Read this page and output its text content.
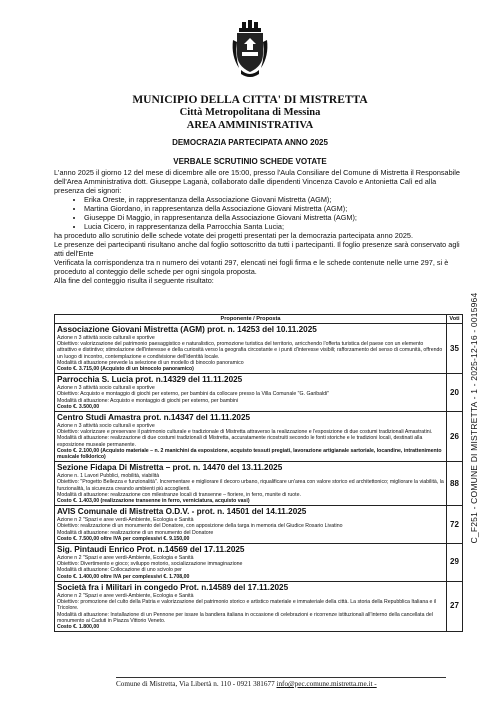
MUNICIPIO DELLA CITTA' DI MISTRETTA
Città Metropolitana di Messina
AREA AMMINISTRATIVA
DEMOCRAZIA PARTECIPATA ANNO 2025
VERBALE SCRUTINIO SCHEDE VOTATE

L'anno 2025 il giorno 12 del mese di dicembre alle ore 15:00, presso l'Aula Consiliare del Comune di Mistretta il Responsabile dell'Area Amministrativa dott. Giuseppe Laganà, collaborato dalle dipendenti Vincenza Cavolo e Antonietta Calì ed alla presenza dei signori:

• Erika Oreste, in rappresentanza della Associazione Giovani Mistretta (AGM);
• Martina Giordano, in rappresentanza della Associazione Giovani Mistretta (AGM);
• Giuseppe Di Maggio, in rappresentanza della Associazione Giovani Mistretta (AGM);
• Lucia Cicero, in rappresentanza della Parrocchia Santa Lucia;

ha proceduto allo scrutinio delle schede votate dei progetti presentati per la democrazia partecipata anno 2025.

Le presenze dei partecipanti risultano anche dal foglio sottoscritto da tutti i partecipanti. Il foglio presenze sarà conservato agli atti dell'Ente

Verificata la corrispondenza tra n numero dei votanti 297, elencati nei fogli firma e le schede contenute nelle urne 297, si è proceduto al conteggio delle schede per ogni singola proposta.

Alla fine del conteggio risulta il seguente risultato:

Proponente / Proposta	Voti

Associazione Giovani Mistretta (AGM) prot. n. 14253 del 10.11.2025
Azione n 3 attività socio culturali e sportive
Obiettivo: valorizzazione del patrimonio paesaggistico e naturalistico, promozione turistica del territorio, arricchendo l'offerta turistica del paese con un elemento attrattivo e distintivo; stimolazione dell'interesse e della curiosità verso la geografia circostante e i punti d'interesse visibili; rafforzamento del senso di comunità, offrendo un luogo di incontro, contemplazione e condivisione dell'identità locale.
Modalità di attuazione prevede la selezione di un modello di binocolo panoramico
Costo €. 3.715,00 (Acquisto di un binocolo panoramico)	35

Parrocchia S. Lucia prot. n.14329 del 11.11.2025
Azione n 3 attività socio culturali e sportive
Obiettivo: Acquisto e montaggio di giochi per esterno, per bambini da collocare presso la Villa Comunale "G. Garibaldi"
Modalità di attuazione: Acquisto e montaggio di giochi per esterno, per bambini
Costo €. 3.500,00	20

Centro Studi Amastra prot. n.14347 del 11.11.2025
Azione n 3 attività socio culturali e sportive
Obiettivo: valorizzare e preservare il patrimonio culturale e tradizionale di Mistretta attraverso la realizzazione e l'esposizione di due costumi tradizionali Amastratini.
Modalità di attuazione: realizzazione di due costumi tradizionali di Mistretta, accuratamente ricostruiti secondo le fonti storiche e le tradizioni locali, destinati alla esposizione museale permanente.
Costo €. 2.100,00 (Acquisto materiale – n. 2 manichini da esposizione, acquisto tessuti pregiati, lavorazione artigianale sartoriale, locandine, intrattenimento musicale folklorico)	26

Sezione Fidapa Di Mistretta – prot. n. 14470 del 13.11.2025
Azione n. 1 Lavori Pubblici, mobilità, viabilità
Obiettivo: "Progetto Bellezza e funzionalità". Incrementare e migliorare il decoro urbano, riqualificare un'area con valore storico ed architettonico; migliorare la viabilità, la funzionalità, la sicurezza creando ambienti più accoglienti.
Modalità di attuazione: realizzazione con milestranze locali di transenne – fioriere, in ferro, munite di ruote.
Costo €. 1.403,00 (realizzazione transenne in ferro, verniciatura, acquisto vasi)	88

AVIS Comunale di Mistretta O.D.V. - prot. n. 14501 del 14.11.2025
Azione n 2 "Spazi e aree verdi-Ambiente, Ecologia e Sanità
Obiettivo: realizzazione di un monumento del Donatore, con apposizione della targa in memoria del Giudice Rosario Livatino
Modalità di attuazione: realizzazione di un monumento del Donatore
Costo €. 7.500,00 oltre IVA per complessivi €. 9.150,00	72

Sig. Pintaudi Enrico Prot. n.14569 del 17.11.2025
Azione n 2 "Spazi e aree verdi-Ambiente, Ecologia e Sanità
Obiettivo: Divertimento e gioco; sviluppo motorio, socializzazione immaginazione
Modalità di attuazione: Collocazione di uno scivolo per
Costo €. 1.400,00 oltre IVA per complessivi €. 1.708,00	29

Società fra i Militari in congedo Prot. n.14589 del 17.11.2025
Azione n 2 "Spazi e aree verdi-Ambiente, Ecologia e Sanità
Obiettivo: promozione del culto della Patria e valorizzazione del patrimonio storico e artistico materiale e immateriale della città. La storia della Repubblica Italiana e il Tricolore.
Modalità di attuazione: Installazione di un Pennone per issare la bandiera italiana in occasione di celebrazioni e ricorrenze istituzionali all'interno della cancellata del monumento ai Caduti in Piazza Vittorio Veneto.
Costo €. 1.800,00	27
Comune di Mistretta, Via Libertà n. 110 - 0921 381677 info@pec.comune.mistretta.me.it -
C_F251 - COMUNE DI MISTRETTA - 1 - 2025-12-16 - 0015964
